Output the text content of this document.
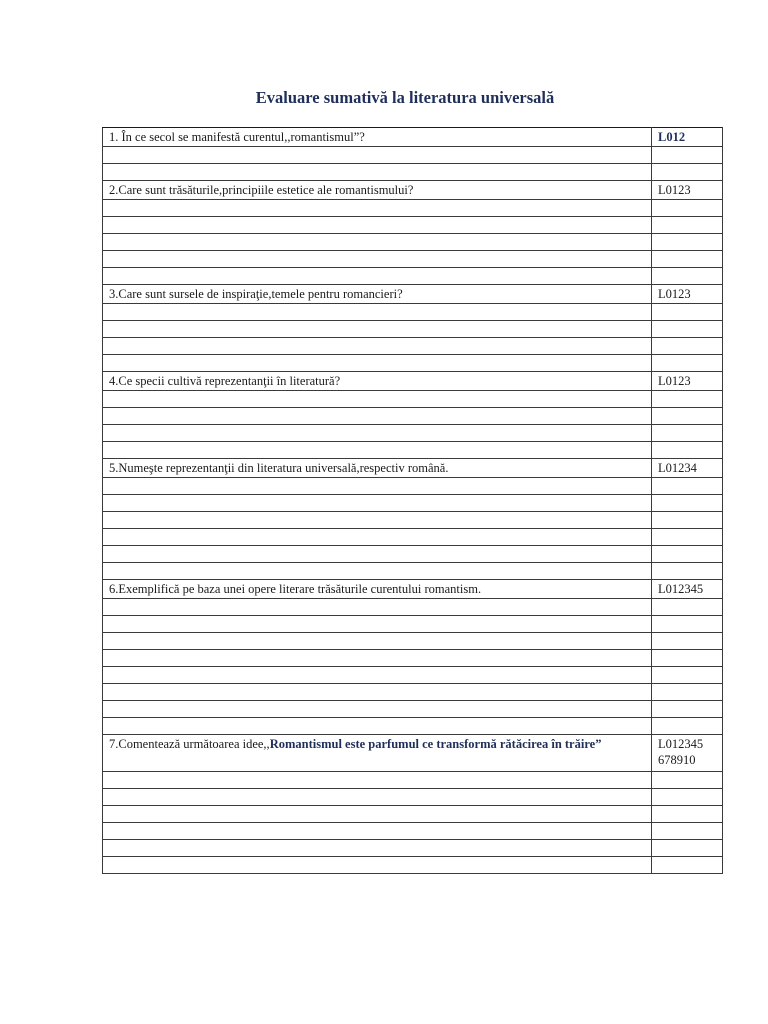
Evaluare sumativă la literatura universală
1. În ce secol se manifestă curentul,,romantismul”?	L012

2.Care sunt trăsăturile,principiile estetice ale romantismului?	L0123

3.Care sunt sursele de inspiraţie,temele pentru romancieri?	L0123

4.Ce specii cultivă reprezentanţii în literatură?	L0123

5.Numeşte reprezentanţii din literatura universală,respectiv română.	L01234

6.Exemplifică pe baza unei opere literare trăsăturile curentului romantism.	L012345

7.Comentează următoarea idee,,Romantismul este parfumul ce transformă rătăcirea în trăire”	L012345
678910
